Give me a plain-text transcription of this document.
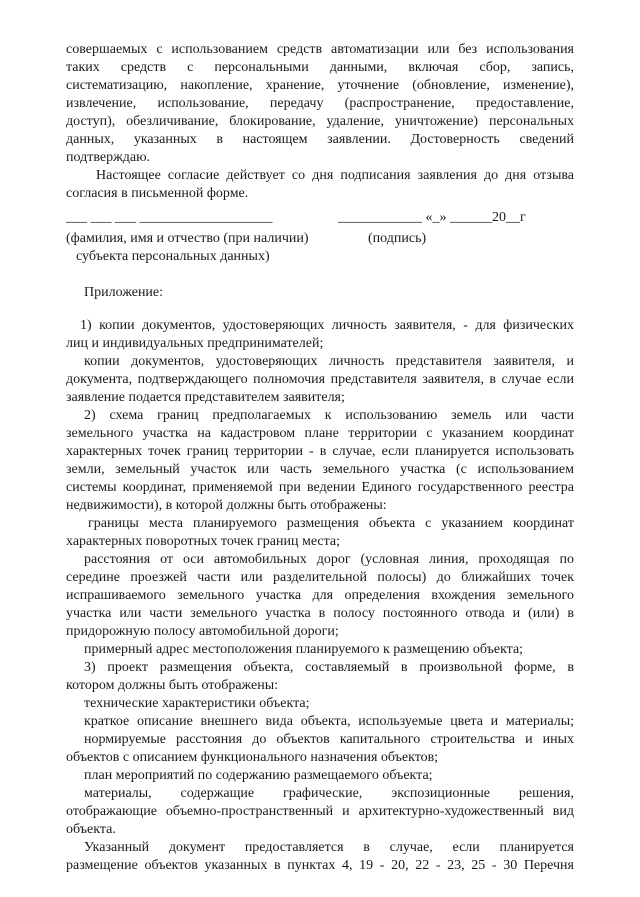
совершаемых с использованием средств автоматизации или без использования

таких средств с персональными данными, включая сбор, запись,

систематизацию, накопление, хранение, уточнение (обновление, изменение),

извлечение, использование, передачу (распространение, предоставление,

доступ), обезличивание, блокирование, удаление, уничтожение) персональных

данных, указанных в настоящем заявлении. Достоверность сведений

подтверждаю.

Настоящее согласие действует со дня подписания заявления до дня отзыва

согласия в письменной форме.

___ ___ ___ ___________________	____________ «_» ______20__г

(фамилия, имя и отчество (при наличии)	(подпись)

субъекта персональных данных)

Приложение:

1) копии документов, удостоверяющих личность заявителя, - для физических

лиц и индивидуальных предпринимателей;

копии документов, удостоверяющих личность представителя заявителя, и

документа, подтверждающего полномочия представителя заявителя, в случае если

заявление подается представителем заявителя;

2) схема границ предполагаемых к использованию земель или части

земельного участка на кадастровом плане территории с указанием координат

характерных точек границ территории - в случае, если планируется использовать

земли, земельный участок или часть земельного участка (с использованием

системы координат, применяемой при ведении Единого государственного реестра

недвижимости), в которой должны быть отображены:

границы места планируемого размещения объекта с указанием координат

характерных поворотных точек границ места;

расстояния от оси автомобильных дорог (условная линия, проходящая по

середине проезжей части или разделительной полосы) до ближайших точек

испрашиваемого земельного участка для определения вхождения земельного

участка или части земельного участка в полосу постоянного отвода и (или) в

придорожную полосу автомобильной дороги;

примерный адрес местоположения планируемого к размещению объекта;

3) проект размещения объекта, составляемый в произвольной форме, в

котором должны быть отображены:

технические характеристики объекта;

краткое описание внешнего вида объекта, используемые цвета и материалы;

нормируемые расстояния до объектов капитального строительства и иных

объектов с описанием функционального назначения объектов;

план мероприятий по содержанию размещаемого объекта;

материалы, содержащие графические, экспозиционные решения,

отображающие объемно-пространственный и архитектурно-художественный вид

объекта.

Указанный документ предоставляется в случае, если планируется

размещение объектов указанных в пунктах 4, 19 - 20, 22 - 23, 25 - 30 Перечня
